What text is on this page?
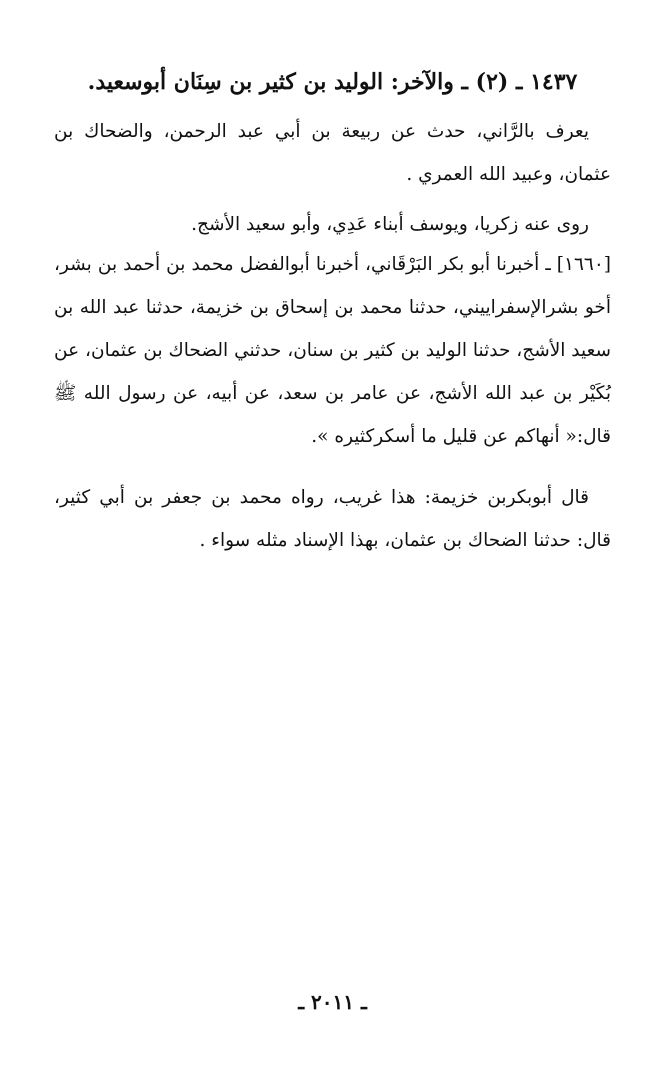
١٤٣٧ ـ (٢) ـ والآخر: الوليد بن كثير بن سِنَان أبوسعيد.
يعرف بالرَّاني، حدث عن ربيعة بن أبي عبد الرحمن، والضحاك بن عثمان، وعبيد الله العمري .
روى عنه زكريا، ويوسف أبناء عَدِي، وأبو سعيد الأشج.
[١٦٦٠] ـ أخبرنا أبو بكر البَرْقَاني، أخبرنا أبوالفضل محمد بن أحمد بن بشر، أخو بشرالإسفراييني، حدثنا محمد بن إسحاق بن خزيمة، حدثنا عبد الله بن سعيد الأشج، حدثنا الوليد بن كثير بن سنان، حدثني الضحاك بن عثمان، عن بُكَيْر بن عبد الله الأشج، عن عامر بن سعد، عن أبيه، عن رسول الله ﷺ قال:« أنهاكم عن قليل ما أسكركثيره ».
قال أبوبكربن خزيمة: هذا غريب، رواه محمد بن جعفر بن أبي كثير، قال: حدثنا الضحاك بن عثمان، بهذا الإسناد مثله سواء .
ـ ٢٠١١ ـ
